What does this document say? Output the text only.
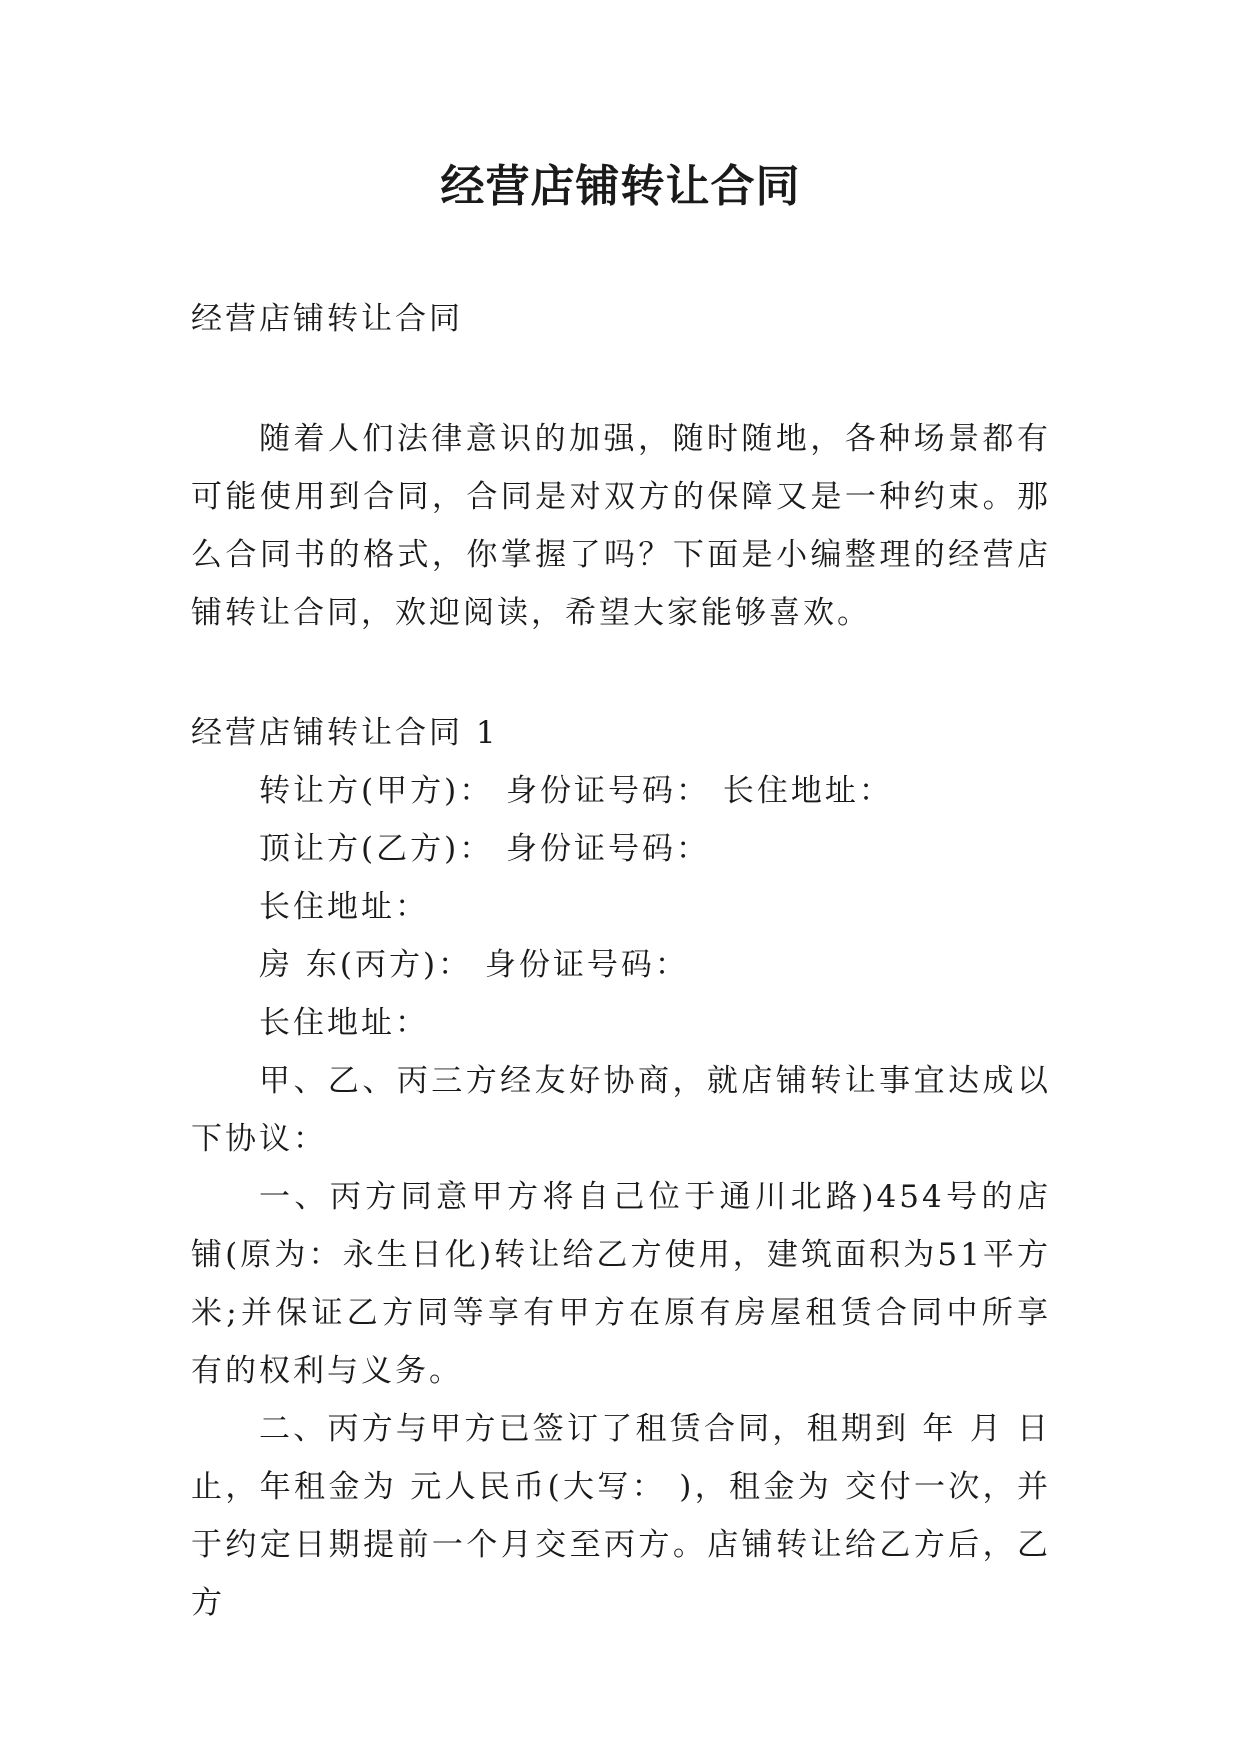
经营店铺转让合同

经营店铺转让合同

随着人们法律意识的加强，随时随地，各种场景都有可能使用到合同，合同是对双方的保障又是一种约束。那么合同书的格式，你掌握了吗？下面是小编整理的经营店铺转让合同，欢迎阅读，希望大家能够喜欢。

经营店铺转让合同 1

转让方(甲方)： 身份证号码： 长住地址：

顶让方(乙方)： 身份证号码：

长住地址：

房 东(丙方)： 身份证号码：

长住地址：

甲、乙、丙三方经友好协商，就店铺转让事宜达成以下协议：

一、丙方同意甲方将自己位于通川北路)454号的店铺(原为：永生日化)转让给乙方使用，建筑面积为51平方米;并保证乙方同等享有甲方在原有房屋租赁合同中所享有的权利与义务。

二、丙方与甲方已签订了租赁合同，租期到 年 月 日止，年租金为 元人民币(大写： )，租金为 交付一次，并于约定日期提前一个月交至丙方。店铺转让给乙方后，乙方
